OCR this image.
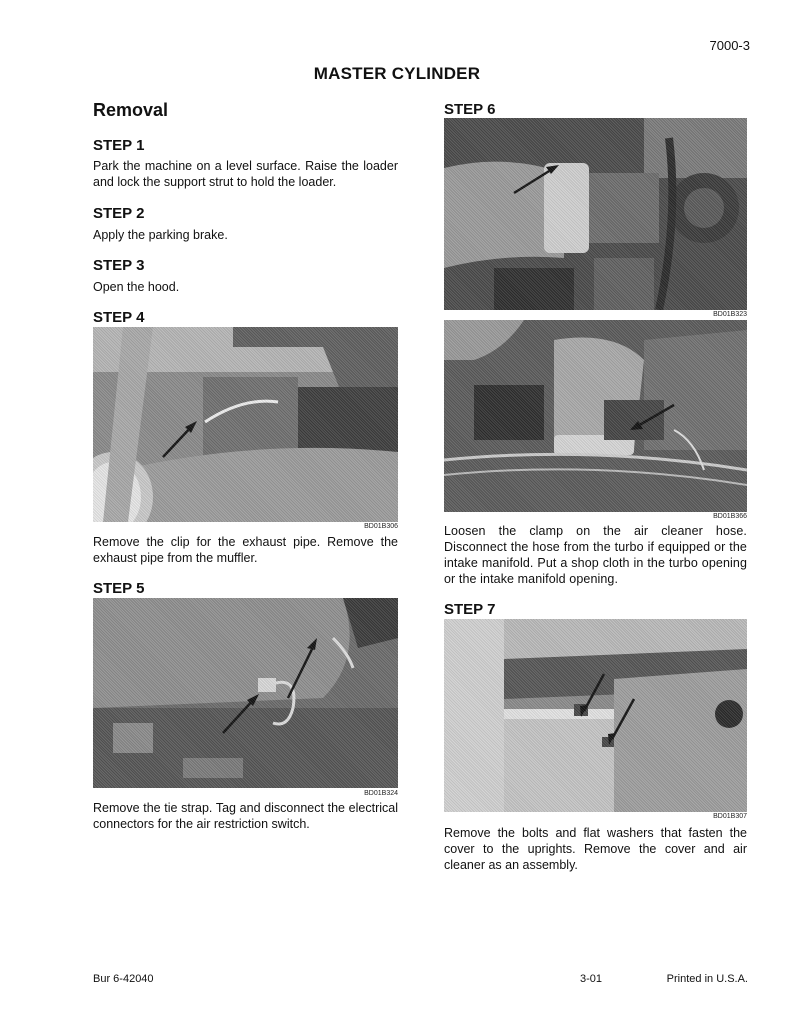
7000-3
MASTER CYLINDER
Removal
STEP 1
Park the machine on a level surface. Raise the loader and lock the support strut to hold the loader.
STEP 2
Apply the parking brake.
STEP 3
Open the hood.
STEP 4
BD01B306
Remove the clip for the exhaust pipe. Remove the exhaust pipe from the muffler.
STEP 5
BD01B324
Remove the tie strap. Tag and disconnect the electrical connectors for the air restriction switch.
STEP 6
BD01B323
BD01B366
Loosen the clamp on the air cleaner hose. Disconnect the hose from the turbo if equipped or the intake manifold. Put a shop cloth in the turbo opening or the intake manifold opening.
STEP 7
BD01B307
Remove the bolts and flat washers that fasten the cover to the uprights. Remove the cover and air cleaner as an assembly.
Bur 6-42040	3-01	Printed in U.S.A.
